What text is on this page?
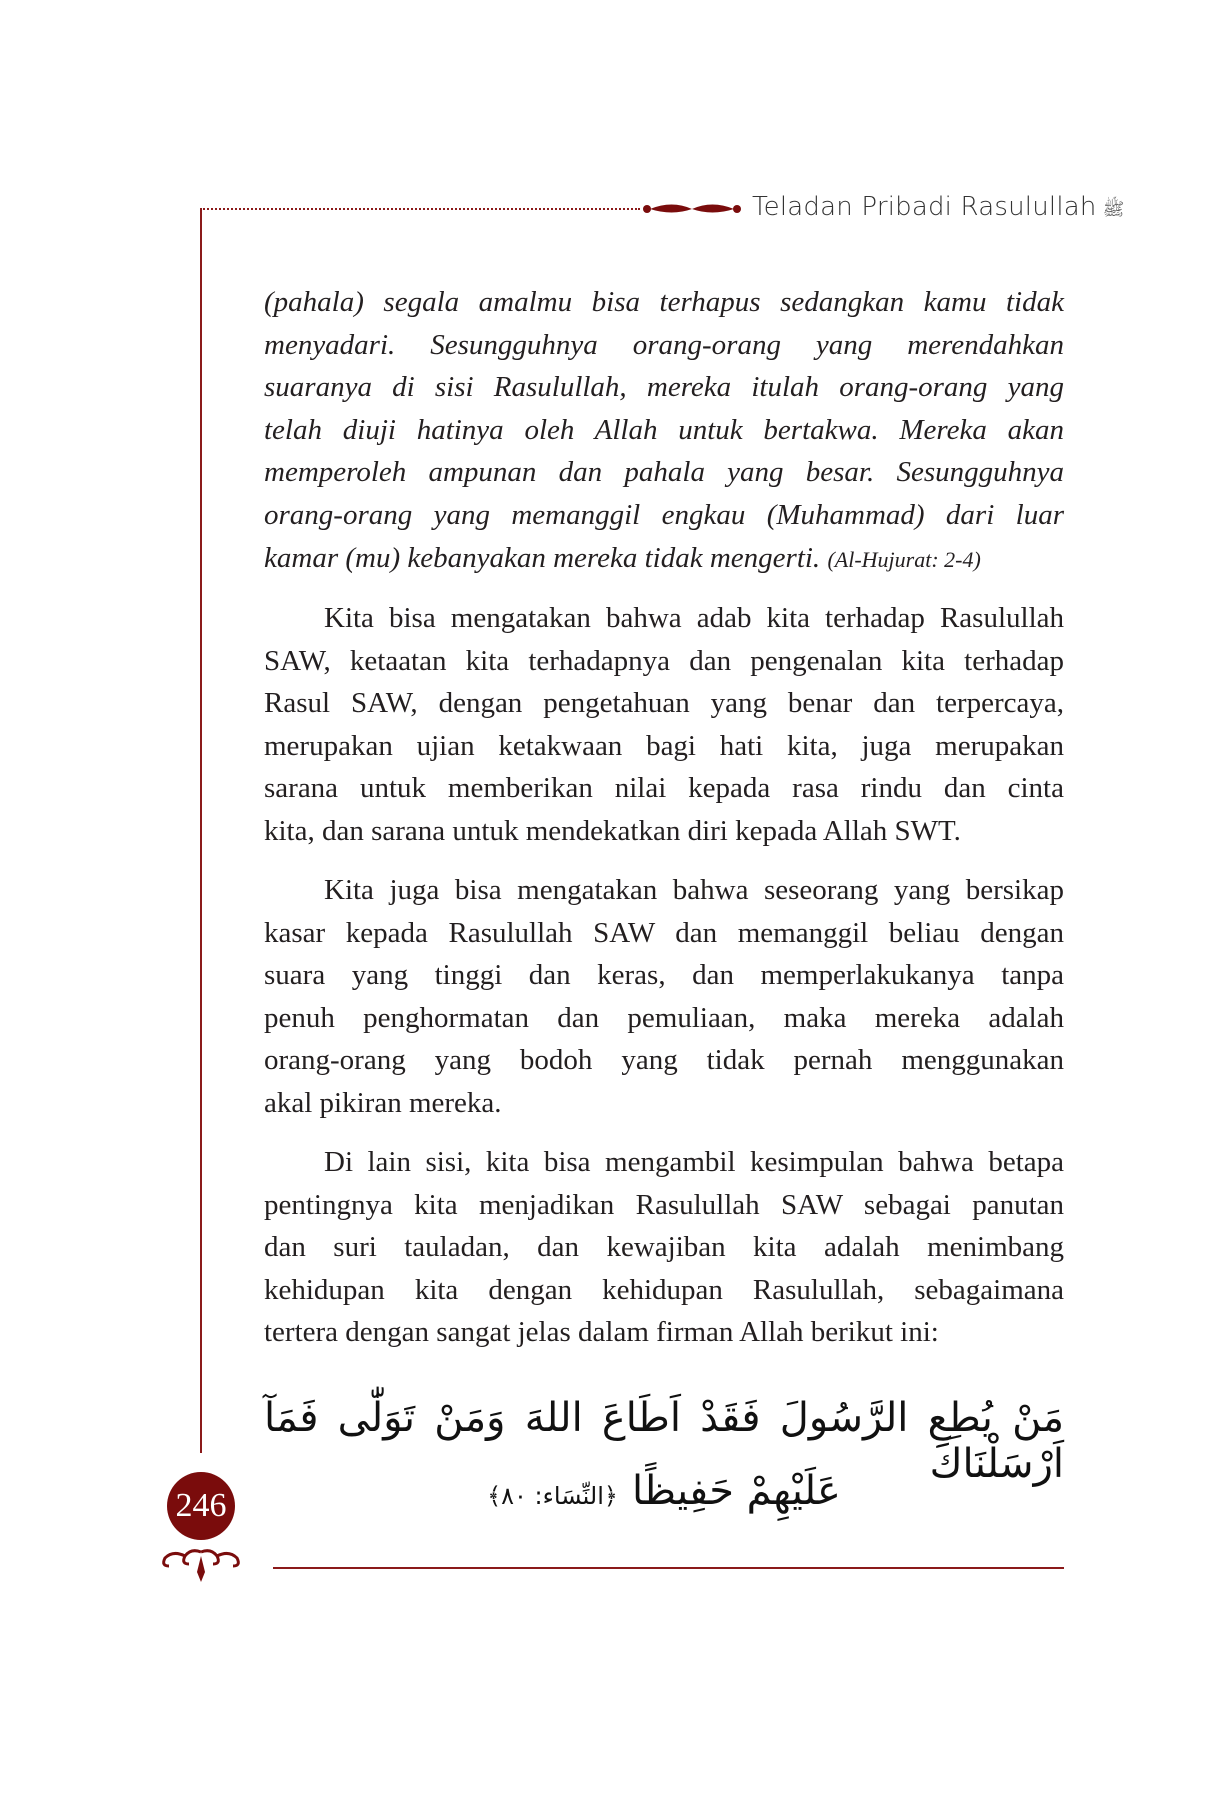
Teladan Pribadi Rasulullah ﷺ
(pahala) segala amalmu bisa terhapus sedangkan kamu tidak
menyadari. Sesungguhnya orang-orang yang merendahkan
suaranya di sisi Rasulullah, mereka itulah orang-orang yang
telah diuji hatinya oleh Allah untuk bertakwa. Mereka akan
memperoleh ampunan dan pahala yang besar. Sesungguhnya
orang-orang yang memanggil engkau (Muhammad) dari luar
kamar (mu) kebanyakan mereka tidak mengerti. (Al-Hujurat: 2-4)
Kita bisa mengatakan bahwa adab kita terhadap Rasulullah
SAW, ketaatan kita terhadapnya dan pengenalan kita terhadap
Rasul SAW, dengan pengetahuan yang benar dan terpercaya,
merupakan ujian ketakwaan bagi hati kita, juga merupakan
sarana untuk memberikan nilai kepada rasa rindu dan cinta
kita, dan sarana untuk mendekatkan diri kepada Allah SWT.
Kita juga bisa mengatakan bahwa seseorang yang bersikap
kasar kepada Rasulullah SAW dan memanggil beliau dengan
suara yang tinggi dan keras, dan memperlakukanya tanpa
penuh penghormatan dan pemuliaan, maka mereka adalah
orang-orang yang bodoh yang tidak pernah menggunakan
akal pikiran mereka.
Di lain sisi, kita bisa mengambil kesimpulan bahwa betapa
pentingnya kita menjadikan Rasulullah SAW sebagai panutan
dan suri tauladan, dan kewajiban kita adalah menimbang
kehidupan kita dengan kehidupan Rasulullah, sebagaimana
tertera dengan sangat jelas dalam firman Allah berikut ini:
مَنْ يُطِعِ الرَّسُولَ فَقَدْ اَطَاعَ اللهَ وَمَنْ تَوَلّٰى فَمَآ اَرْسَلْنَاكَ
عَلَيْهِمْ حَفِيظًا﴿النِّسَاء: ٨٠﴾
246
